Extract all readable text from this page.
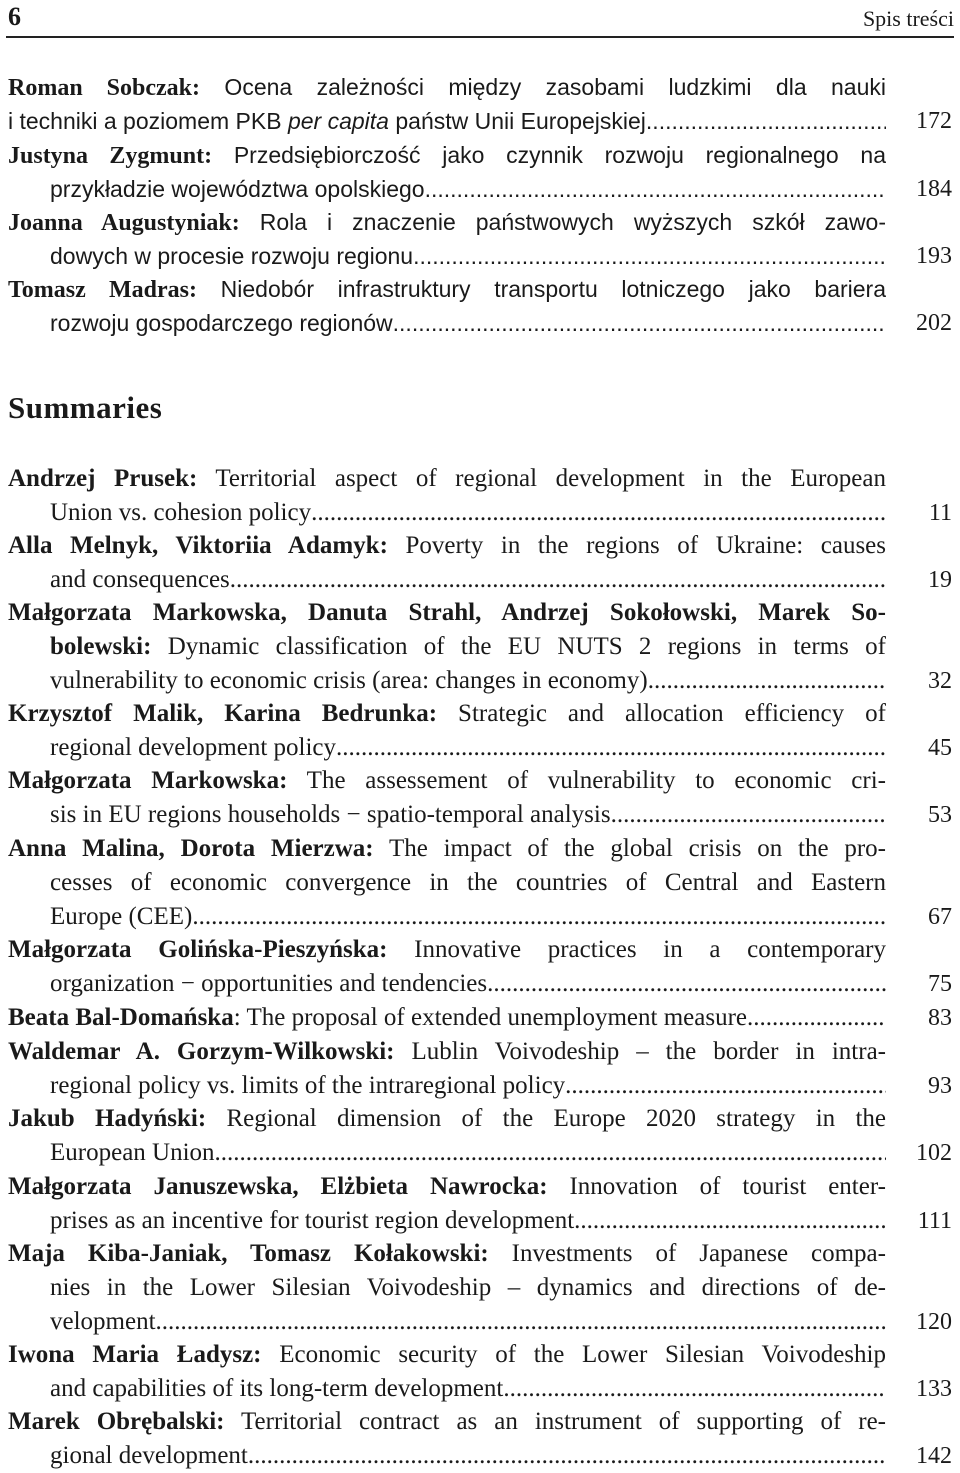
6	Spis treści
Roman Sobczak: Ocena zależności między zasobami ludzkimi dla nauki
i techniki a poziomem PKB per capita państw Unii Europejskiej .....	172
Justyna Zygmunt: Przedsiębiorczość jako czynnik rozwoju regionalnego na
przykładzie województwa opolskiego .....	184
Joanna Augustyniak: Rola i znaczenie państwowych wyższych szkół zawo-
dowych w procesie rozwoju regionu .....	193
Tomasz Madras: Niedobór infrastruktury transportu lotniczego jako bariera
rozwoju gospodarczego regionów .....	202
Summaries
Andrzej Prusek: Territorial aspect of regional development in the European
Union vs. cohesion policy .....	11
Alla Melnyk, Viktoriia Adamyk: Poverty in the regions of Ukraine: causes
and consequences .....	19
Małgorzata Markowska, Danuta Strahl, Andrzej Sokołowski, Marek So-
bolewski: Dynamic classification of the EU NUTS 2 regions in terms of
vulnerability to economic crisis (area: changes in economy) .....	32
Krzysztof Malik, Karina Bedrunka: Strategic and allocation efficiency of
regional development policy .....	45
Małgorzata Markowska: The assessement of vulnerability to economic cri-
sis in EU regions households − spatio-temporal analysis .....	53
Anna Malina, Dorota Mierzwa: The impact of the global crisis on the pro-
cesses of economic convergence in the countries of Central and Eastern
Europe (CEE) .....	67
Małgorzata Golińska-Pieszyńska: Innovative practices in a contemporary
organization − opportunities and tendencies .....	75
Beata Bal-Domańska: The proposal of extended unemployment measure .....	83
Waldemar A. Gorzym-Wilkowski: Lublin Voivodeship – the border in intra-
regional policy vs. limits of the intraregional policy .....	93
Jakub Hadyński: Regional dimension of the Europe 2020 strategy in the
European Union .....	102
Małgorzata Januszewska, Elżbieta Nawrocka: Innovation of tourist enter-
prises as an incentive for tourist region development .....	111
Maja Kiba-Janiak, Tomasz Kołakowski: Investments of Japanese compa-
nies in the Lower Silesian Voivodeship – dynamics and directions of de-
velopment .....	120
Iwona Maria Ładysz: Economic security of the Lower Silesian Voivodeship
and capabilities of its long-term development .....	133
Marek Obrębalski: Territorial contract as an instrument of supporting of re-
gional development .....	142
